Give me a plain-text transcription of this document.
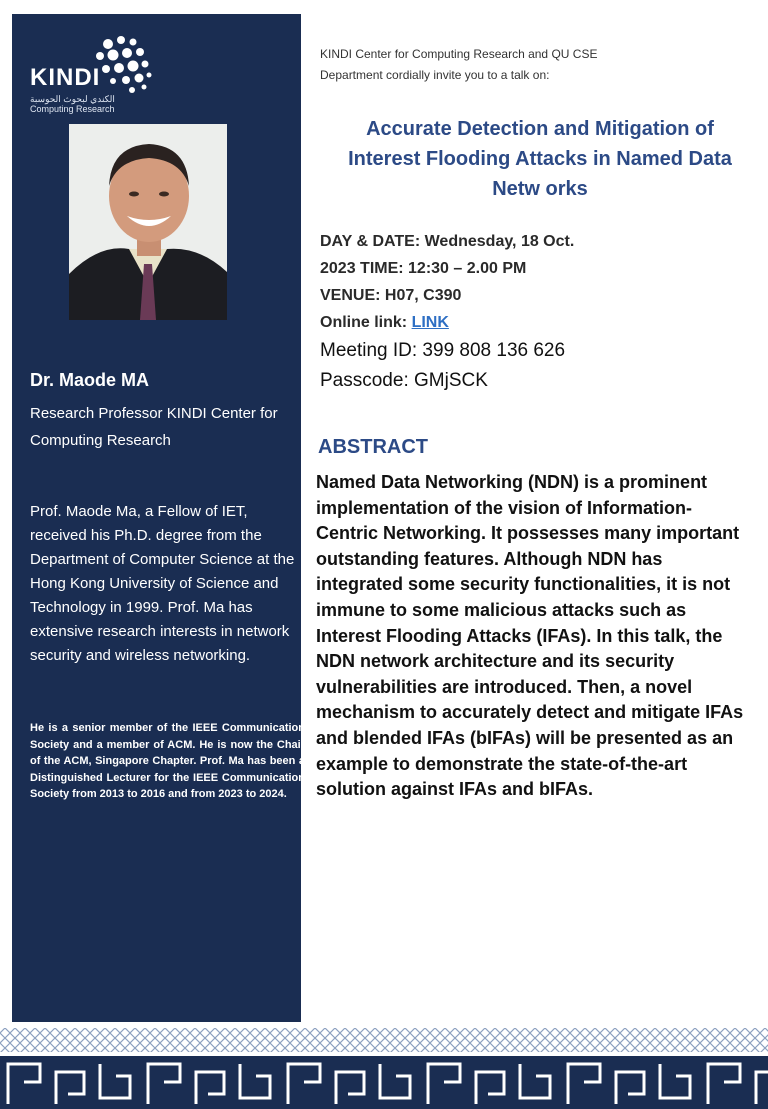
KINDI
الكندي لبحوث الحوسبة
Computing Research
Dr. Maode MA
Research Professor KINDI Center for Computing Research
Prof. Maode Ma, a Fellow of IET, received his Ph.D. degree from the Department of Computer Science at the Hong Kong University of Science and Technology in 1999. Prof. Ma has extensive research interests in network security and wireless networking.
He is a senior member of the IEEE Communication Society and a member of ACM. He is now the Chair of the ACM, Singapore Chapter. Prof. Ma has been a Distinguished Lecturer for the IEEE Communication Society from 2013 to 2016 and from 2023 to 2024.
KINDI Center for Computing Research and QU CSE Department cordially invite you to a talk on:
Accurate Detection and Mitigation of Interest Flooding Attacks in Named Data Netw orks
DAY & DATE: Wednesday, 18 Oct.
2023 TIME: 12:30 – 2.00 PM
VENUE: H07, C390
Online link: LINK
Meeting ID: 399 808 136 626
Passcode: GMjSCK
ABSTRACT
Named Data Networking (NDN) is a prominent implementation of the vision of Information-Centric Networking. It possesses many important outstanding features. Although NDN has integrated some security functionalities, it is not immune to some malicious attacks such as Interest Flooding Attacks (IFAs). In this talk, the NDN network architecture and its security vulnerabilities are introduced. Then, a novel mechanism to accurately detect and mitigate IFAs and blended IFAs (bIFAs) will be presented as an example to demonstrate the state-of-the-art solution against IFAs and bIFAs.
